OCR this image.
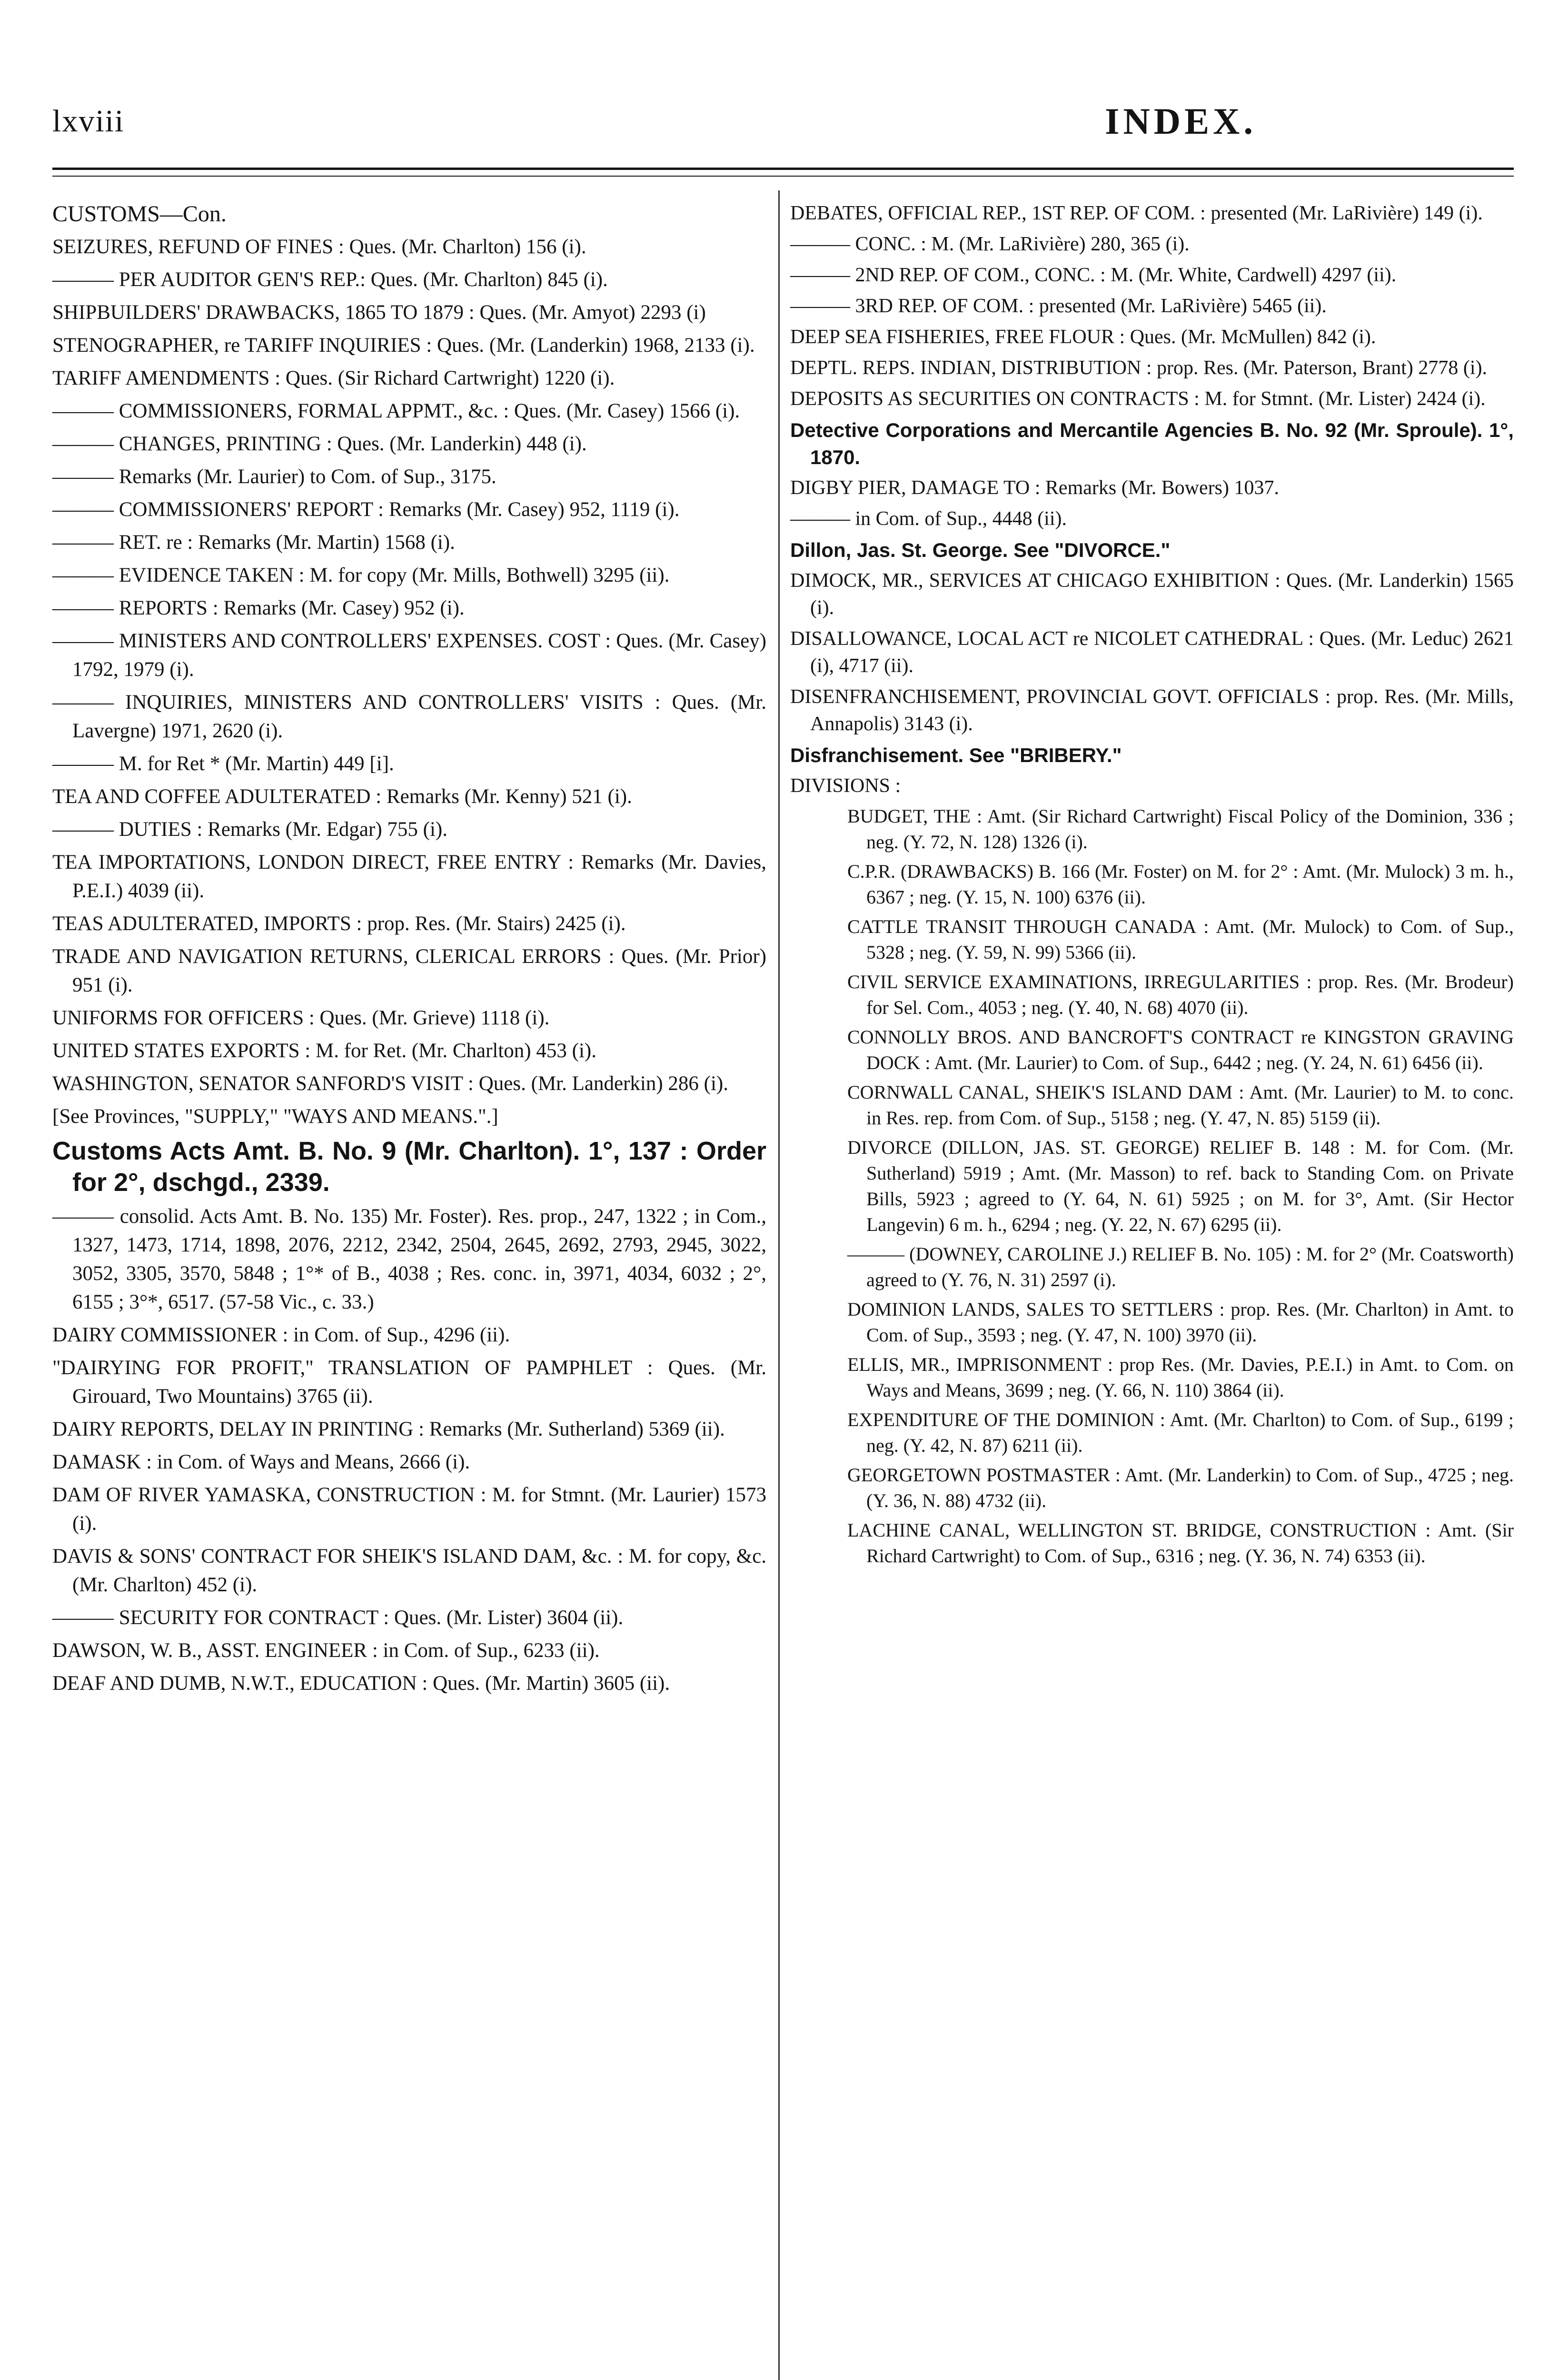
lxviii	INDEX.

CUSTOMS—Con.

SEIZURES, REFUND OF FINES : Ques. (Mr. Charlton) 156 (i).

——— PER AUDITOR GEN'S REP.: Ques. (Mr. Charlton) 845 (i).

SHIPBUILDERS' DRAWBACKS, 1865 TO 1879 : Ques. (Mr. Amyot) 2293 (i)

STENOGRAPHER, re TARIFF INQUIRIES : Ques. (Mr. (Landerkin) 1968, 2133 (i).

TARIFF AMENDMENTS : Ques. (Sir Richard Cartwright) 1220 (i).

——— COMMISSIONERS, FORMAL APPMT., &c. : Ques. (Mr. Casey) 1566 (i).

——— CHANGES, PRINTING : Ques. (Mr. Landerkin) 448 (i).

——— Remarks (Mr. Laurier) to Com. of Sup., 3175.

——— COMMISSIONERS' REPORT : Remarks (Mr. Casey) 952, 1119 (i).

——— RET. re : Remarks (Mr. Martin) 1568 (i).

——— EVIDENCE TAKEN : M. for copy (Mr. Mills, Bothwell) 3295 (ii).

——— REPORTS : Remarks (Mr. Casey) 952 (i).

——— MINISTERS AND CONTROLLERS' EXPENSES. COST : Ques. (Mr. Casey) 1792, 1979 (i).

——— INQUIRIES, MINISTERS AND CONTROLLERS' VISITS : Ques. (Mr. Lavergne) 1971, 2620 (i).

——— M. for Ret * (Mr. Martin) 449 [i].

TEA AND COFFEE ADULTERATED : Remarks (Mr. Kenny) 521 (i).

——— DUTIES : Remarks (Mr. Edgar) 755 (i).

TEA IMPORTATIONS, LONDON DIRECT, FREE ENTRY : Remarks (Mr. Davies, P.E.I.) 4039 (ii).

TEAS ADULTERATED, IMPORTS : prop. Res. (Mr. Stairs) 2425 (i).

TRADE AND NAVIGATION RETURNS, CLERICAL ERRORS : Ques. (Mr. Prior) 951 (i).

UNIFORMS FOR OFFICERS : Ques. (Mr. Grieve) 1118 (i).

UNITED STATES EXPORTS : M. for Ret. (Mr. Charlton) 453 (i).

WASHINGTON, SENATOR SANFORD'S VISIT : Ques. (Mr. Landerkin) 286 (i).

[See Provinces, "SUPPLY," "WAYS AND MEANS.".]

Customs Acts Amt. B. No. 9 (Mr. Charlton). 1°, 137 : Order for 2°, dschgd., 2339.

——— consolid. Acts Amt. B. No. 135) Mr. Foster). Res. prop., 247, 1322 ; in Com., 1327, 1473, 1714, 1898, 2076, 2212, 2342, 2504, 2645, 2692, 2793, 2945, 3022, 3052, 3305, 3570, 5848 ; 1°* of B., 4038 ; Res. conc. in, 3971, 4034, 6032 ; 2°, 6155 ; 3°*, 6517. (57-58 Vic., c. 33.)

DAIRY COMMISSIONER : in Com. of Sup., 4296 (ii).

"DAIRYING FOR PROFIT," TRANSLATION OF PAMPHLET : Ques. (Mr. Girouard, Two Mountains) 3765 (ii).

DAIRY REPORTS, DELAY IN PRINTING : Remarks (Mr. Sutherland) 5369 (ii).

DAMASK : in Com. of Ways and Means, 2666 (i).

DAM OF RIVER YAMASKA, CONSTRUCTION : M. for Stmnt. (Mr. Laurier) 1573 (i).

DAVIS & SONS' CONTRACT FOR SHEIK'S ISLAND DAM, &c. : M. for copy, &c. (Mr. Charlton) 452 (i).

——— SECURITY FOR CONTRACT : Ques. (Mr. Lister) 3604 (ii).

DAWSON, W. B., ASST. ENGINEER : in Com. of Sup., 6233 (ii).

DEAF AND DUMB, N.W.T., EDUCATION : Ques. (Mr. Martin) 3605 (ii).

DEBATES, OFFICIAL REP., 1ST REP. OF COM. : presented (Mr. LaRivière) 149 (i).

——— CONC. : M. (Mr. LaRivière) 280, 365 (i).

——— 2ND REP. OF COM., CONC. : M. (Mr. White, Cardwell) 4297 (ii).

——— 3RD REP. OF COM. : presented (Mr. LaRivière) 5465 (ii).

DEEP SEA FISHERIES, FREE FLOUR : Ques. (Mr. McMullen) 842 (i).

DEPTL. REPS. INDIAN, DISTRIBUTION : prop. Res. (Mr. Paterson, Brant) 2778 (i).

DEPOSITS AS SECURITIES ON CONTRACTS : M. for Stmnt. (Mr. Lister) 2424 (i).

Detective Corporations and Mercantile Agencies B. No. 92 (Mr. Sproule). 1°, 1870.

DIGBY PIER, DAMAGE TO : Remarks (Mr. Bowers) 1037.

——— in Com. of Sup., 4448 (ii).

Dillon, Jas. St. George. See "DIVORCE."

DIMOCK, MR., SERVICES AT CHICAGO EXHIBITION : Ques. (Mr. Landerkin) 1565 (i).

DISALLOWANCE, LOCAL ACT re NICOLET CATHEDRAL : Ques. (Mr. Leduc) 2621 (i), 4717 (ii).

DISENFRANCHISEMENT, PROVINCIAL GOVT. OFFICIALS : prop. Res. (Mr. Mills, Annapolis) 3143 (i).

Disfranchisement. See "BRIBERY."

DIVISIONS :

BUDGET, THE : Amt. (Sir Richard Cartwright) Fiscal Policy of the Dominion, 336 ; neg. (Y. 72, N. 128) 1326 (i).

C.P.R. (DRAWBACKS) B. 166 (Mr. Foster) on M. for 2° : Amt. (Mr. Mulock) 3 m. h., 6367 ; neg. (Y. 15, N. 100) 6376 (ii).

CATTLE TRANSIT THROUGH CANADA : Amt. (Mr. Mulock) to Com. of Sup., 5328 ; neg. (Y. 59, N. 99) 5366 (ii).

CIVIL SERVICE EXAMINATIONS, IRREGULARITIES : prop. Res. (Mr. Brodeur) for Sel. Com., 4053 ; neg. (Y. 40, N. 68) 4070 (ii).

CONNOLLY BROS. AND BANCROFT'S CONTRACT re KINGSTON GRAVING DOCK : Amt. (Mr. Laurier) to Com. of Sup., 6442 ; neg. (Y. 24, N. 61) 6456 (ii).

CORNWALL CANAL, SHEIK'S ISLAND DAM : Amt. (Mr. Laurier) to M. to conc. in Res. rep. from Com. of Sup., 5158 ; neg. (Y. 47, N. 85) 5159 (ii).

DIVORCE (DILLON, JAS. ST. GEORGE) RELIEF B. 148 : M. for Com. (Mr. Sutherland) 5919 ; Amt. (Mr. Masson) to ref. back to Standing Com. on Private Bills, 5923 ; agreed to (Y. 64, N. 61) 5925 ; on M. for 3°, Amt. (Sir Hector Langevin) 6 m. h., 6294 ; neg. (Y. 22, N. 67) 6295 (ii).

——— (DOWNEY, CAROLINE J.) RELIEF B. No. 105) : M. for 2° (Mr. Coatsworth) agreed to (Y. 76, N. 31) 2597 (i).

DOMINION LANDS, SALES TO SETTLERS : prop. Res. (Mr. Charlton) in Amt. to Com. of Sup., 3593 ; neg. (Y. 47, N. 100) 3970 (ii).

ELLIS, MR., IMPRISONMENT : prop Res. (Mr. Davies, P.E.I.) in Amt. to Com. on Ways and Means, 3699 ; neg. (Y. 66, N. 110) 3864 (ii).

EXPENDITURE OF THE DOMINION : Amt. (Mr. Charlton) to Com. of Sup., 6199 ; neg. (Y. 42, N. 87) 6211 (ii).

GEORGETOWN POSTMASTER : Amt. (Mr. Landerkin) to Com. of Sup., 4725 ; neg. (Y. 36, N. 88) 4732 (ii).

LACHINE CANAL, WELLINGTON ST. BRIDGE, CONSTRUCTION : Amt. (Sir Richard Cartwright) to Com. of Sup., 6316 ; neg. (Y. 36, N. 74) 6353 (ii).
